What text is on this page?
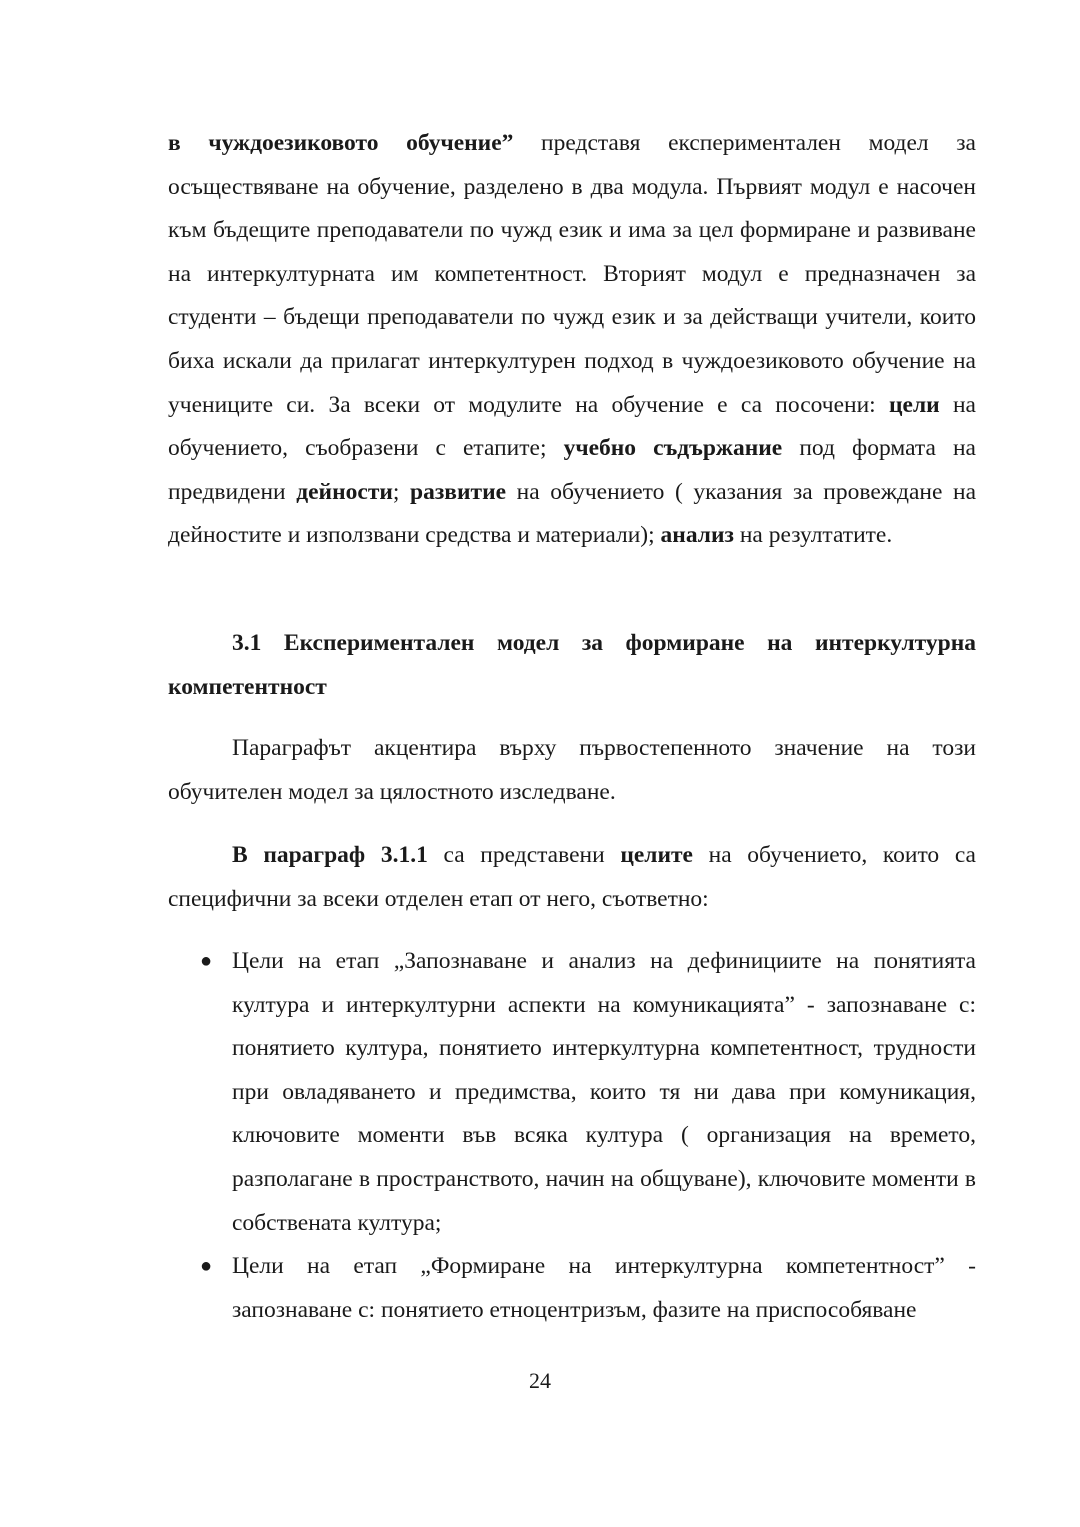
в чуждоезиковото обучение” представя експериментален модел за осъществяване на обучение, разделено в два модула. Първият модул е насочен към бъдещите преподаватели по чужд език и има за цел формиране и развиване на интеркултурната им компетентност. Вторият модул е предназначен за студенти – бъдещи преподаватели по чужд език и за действащи учители, които биха искали да прилагат интеркултурен подход в чуждоезиковото обучение на учениците си. За всеки от модулите на обучение е са посочени: цели на обучението, съобразени с етапите; учебно съдържание под формата на предвидени дейности; развитие на обучението ( указания за провеждане на дейностите и използвани средства и материали); анализ на резултатите.

3.1 Експериментален модел за формиране на интеркултурна компетентност

Параграфът акцентира върху първостепенното значение на този обучителен модел за цялостното изследване.

В параграф 3.1.1 са представени целите на обучението, които са специфични за всеки отделен етап от него, съответно:

● Цели на етап „Запознаване и анализ на дефинициите на понятията култура и интеркултурни аспекти на комуникацията” - запознаване с: понятието култура, понятието интеркултурна компетентност, трудности при овладяването и предимства, които тя ни дава при комуникация, ключовите моменти във всяка култура ( организация на времето, разполагане в пространството, начин на общуване), ключовите моменти в собствената култура;
● Цели на етап „Формиране на интеркултурна компетентност” - запознаване с: понятието етноцентризъм, фазите на приспособяване
24
